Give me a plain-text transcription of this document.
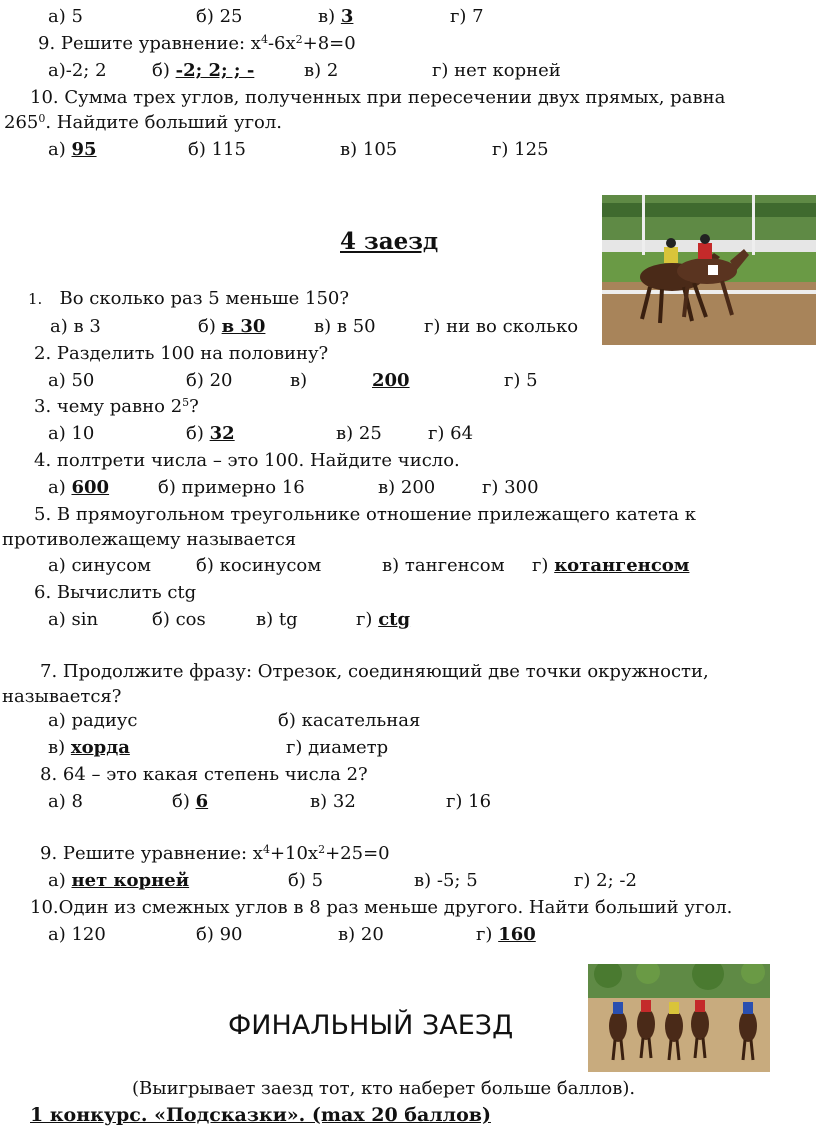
а) 5	б) 25	в) 3	г) 7
9. Решите уравнение: $x^4-6x^2+8=0$
а)-2; 2	б) -2; 2; ; -	в) 2	г) нет корней
10. Сумма трех углов, полученных при пересечении двух прямых, равна
$265^0$. Найдите больший угол.
а) 95	б) 115	в) 105	г) 125
4 заезд
1. Во сколько раз 5 меньше 150?
а) в 3	б) в 30	в) в 50	г) ни во сколько
2. Разделить 100 на половину?
а) 50	б) 20	в)	200	г) 5
3. чему равно $2^5$?
а) 10	б) 32	в) 25	г) 64
4. полтрети числа – это 100. Найдите число.
а) 600	б) примерно 16	в) 200	г) 300
5. В прямоугольном треугольнике отношение прилежащего катета к
противолежащему называется
а) синусом б) косинусом	в) тангенсом г) котангенсом
6. Вычислить ctg
а) sin	б) cos	в) tg	г) ctg
7. Продолжите фразу: Отрезок, соединяющий две точки окружности,
называется?
а) радиус	б) касательная
в) хорда	г) диаметр
8. 64 – это какая степень числа 2?
а) 8	б) 6	в) 32	г) 16
9. Решите уравнение: $x^4+10x^2+25=0$
а) нет корней	б) 5	в) -5; 5	г) 2; -2
10.Один из смежных углов в 8 раз меньше другого. Найти больший угол.
а) 120	б) 90	в) 20	г) 160
ФИНАЛЬНЫЙ ЗАЕЗД
(Выигрывает заезд тот, кто наберет больше баллов).
1 конкурс. «Подсказки». (max 20 баллов)
